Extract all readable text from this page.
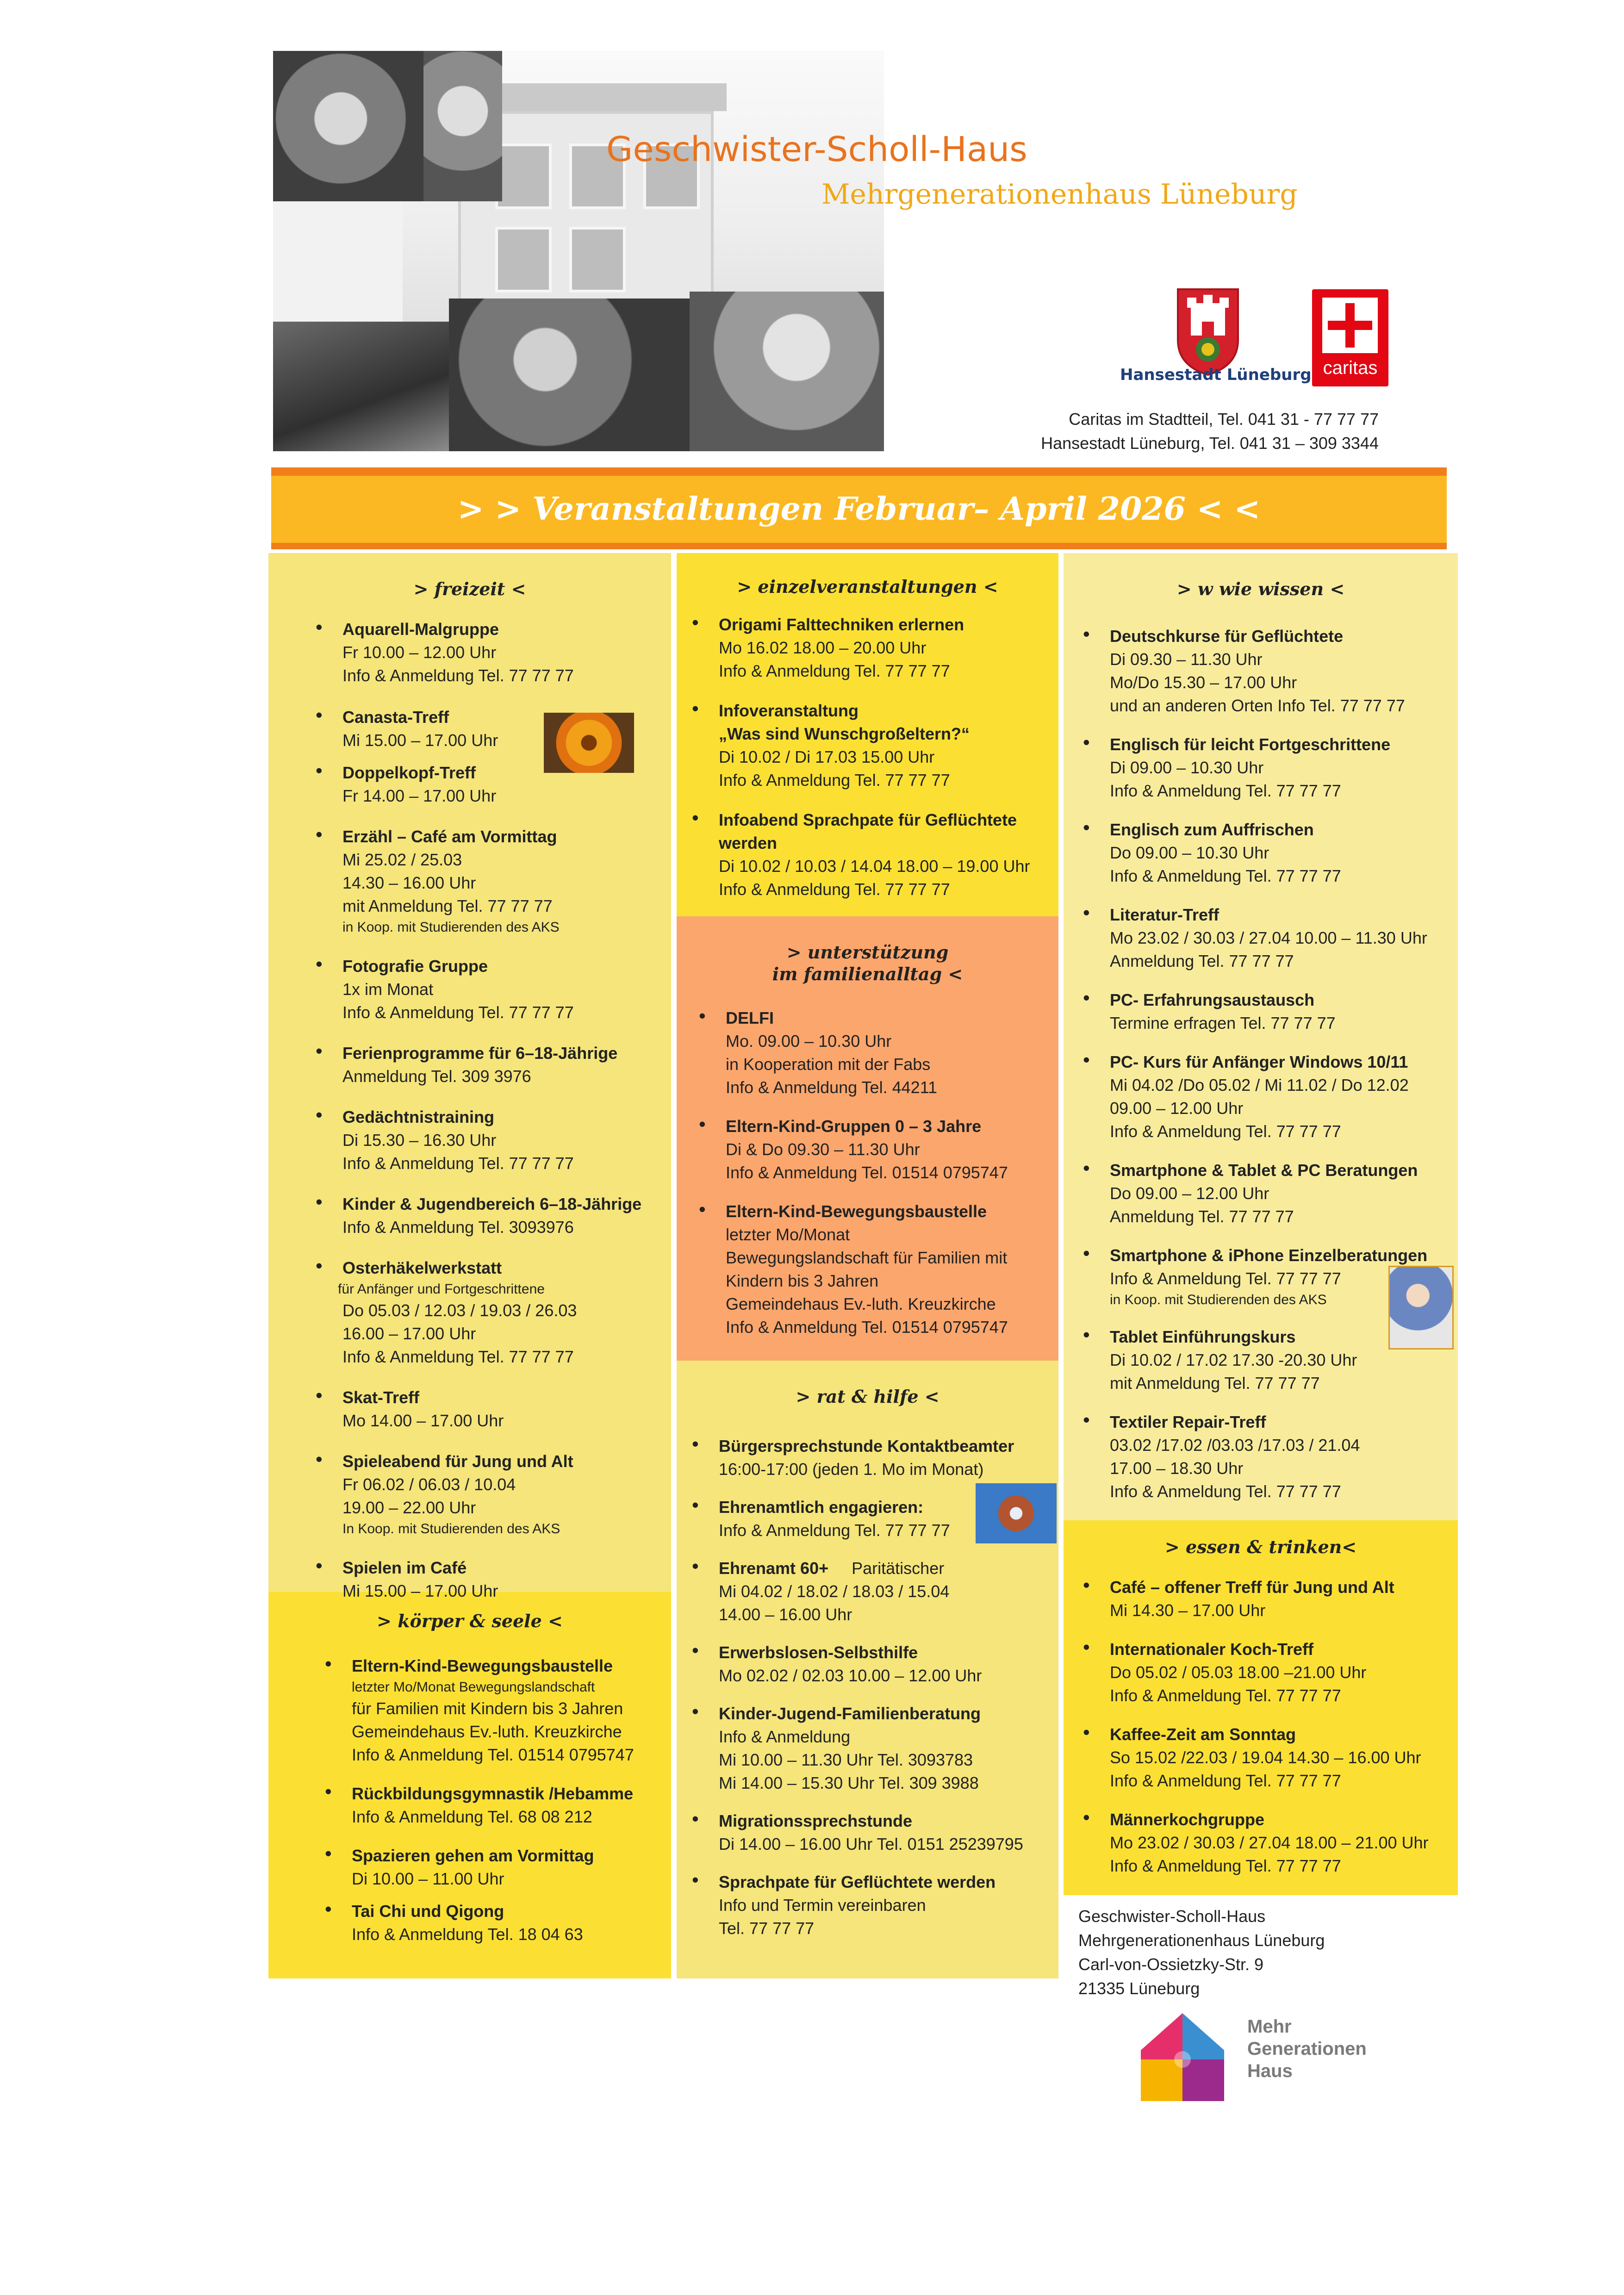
Geschwister-Scholl-Haus
Mehrgenerationenhaus Lüneburg
Hansestadt Lüneburg caritas
Caritas im Stadtteil, Tel. 041 31 - 77 77 77
Hansestadt Lüneburg, Tel. 041 31 – 309 3344
> > Veranstaltungen Februar– April 2026 < <
> freizeit <
• Aquarell-Malgruppe
Fr 10.00 – 12.00 Uhr
Info & Anmeldung Tel. 77 77 77
• Canasta-Treff
Mi 15.00 – 17.00 Uhr
• Doppelkopf-Treff
Fr 14.00 – 17.00 Uhr
• Erzähl – Café am Vormittag
Mi 25.02 / 25.03
14.30 – 16.00 Uhr
mit Anmeldung Tel. 77 77 77
in Koop. mit Studierenden des AKS
• Fotografie Gruppe
1x im Monat
Info & Anmeldung Tel. 77 77 77
• Ferienprogramme für 6–18-Jährige
Anmeldung Tel. 309 3976
• Gedächtnistraining
Di 15.30 – 16.30 Uhr
Info & Anmeldung Tel. 77 77 77
• Kinder & Jugendbereich 6–18-Jährige
Info & Anmeldung Tel. 3093976
• Osterhäkelwerkstatt
für Anfänger und Fortgeschrittene
Do 05.03 / 12.03 / 19.03 / 26.03
16.00 – 17.00 Uhr
Info & Anmeldung Tel. 77 77 77
• Skat-Treff
Mo 14.00 – 17.00 Uhr
• Spieleabend für Jung und Alt
Fr 06.02 / 06.03 / 10.04
19.00 – 22.00 Uhr
In Koop. mit Studierenden des AKS
• Spielen im Café
Mi 15.00 – 17.00 Uhr
> körper & seele <
• Eltern-Kind-Bewegungsbaustelle
letzter Mo/Monat Bewegungslandschaft
für Familien mit Kindern bis 3 Jahren
Gemeindehaus Ev.-luth. Kreuzkirche
Info & Anmeldung Tel. 01514 0795747
• Rückbildungsgymnastik /Hebamme
Info & Anmeldung Tel. 68 08 212
• Spazieren gehen am Vormittag
Di 10.00 – 11.00 Uhr
• Tai Chi und Qigong
Info & Anmeldung Tel. 18 04 63
> einzelveranstaltungen <
• Origami Falttechniken erlernen
Mo 16.02 18.00 – 20.00 Uhr
Info & Anmeldung Tel. 77 77 77
• Infoveranstaltung
„Was sind Wunschgroßeltern?“
Di 10.02 / Di 17.03 15.00 Uhr
Info & Anmeldung Tel. 77 77 77
• Infoabend Sprachpate für Geflüchtete
werden
Di 10.02 / 10.03 / 14.04 18.00 – 19.00 Uhr
Info & Anmeldung Tel. 77 77 77
> unterstützung
im familienalltag <
• DELFI
Mo. 09.00 – 10.30 Uhr
in Kooperation mit der Fabs
Info & Anmeldung Tel. 44211
• Eltern-Kind-Gruppen 0 – 3 Jahre
Di & Do 09.30 – 11.30 Uhr
Info & Anmeldung Tel. 01514 0795747
• Eltern-Kind-Bewegungsbaustelle
letzter Mo/Monat
Bewegungslandschaft für Familien mit
Kindern bis 3 Jahren
Gemeindehaus Ev.-luth. Kreuzkirche
Info & Anmeldung Tel. 01514 0795747
> rat & hilfe <
• Bürgersprechstunde Kontaktbeamter
16:00-17:00 (jeden 1. Mo im Monat)
• Ehrenamtlich engagieren:
Info & Anmeldung Tel. 77 77 77
• Ehrenamt 60+     Paritätischer
Mi 04.02 / 18.02 / 18.03 / 15.04
14.00 – 16.00 Uhr
• Erwerbslosen-Selbsthilfe
Mo 02.02 / 02.03 10.00 – 12.00 Uhr
• Kinder-Jugend-Familienberatung
Info & Anmeldung
Mi 10.00 – 11.30 Uhr Tel. 3093783
Mi 14.00 – 15.30 Uhr Tel. 309 3988
• Migrationssprechstunde
Di 14.00 – 16.00 Uhr Tel. 0151 25239795
• Sprachpate für Geflüchtete werden
Info und Termin vereinbaren
Tel. 77 77 77
> w wie wissen <
• Deutschkurse für Geflüchtete
Di 09.30 – 11.30 Uhr
Mo/Do 15.30 – 17.00 Uhr
und an anderen Orten Info Tel. 77 77 77
• Englisch für leicht Fortgeschrittene
Di 09.00 – 10.30 Uhr
Info & Anmeldung Tel. 77 77 77
• Englisch zum Auffrischen
Do 09.00 – 10.30 Uhr
Info & Anmeldung Tel. 77 77 77
• Literatur-Treff
Mo 23.02 / 30.03 / 27.04 10.00 – 11.30 Uhr
Anmeldung Tel. 77 77 77
• PC- Erfahrungsaustausch
Termine erfragen Tel. 77 77 77
• PC- Kurs für Anfänger Windows 10/11
Mi 04.02 /Do 05.02 / Mi 11.02 / Do 12.02
09.00 – 12.00 Uhr
Info & Anmeldung Tel. 77 77 77
• Smartphone & Tablet & PC Beratungen
Do 09.00 – 12.00 Uhr
Anmeldung Tel. 77 77 77
• Smartphone & iPhone Einzelberatungen
Info & Anmeldung Tel. 77 77 77
in Koop. mit Studierenden des AKS
• Tablet Einführungskurs
Di 10.02 / 17.02 17.30 -20.30 Uhr
mit Anmeldung Tel. 77 77 77
• Textiler Repair-Treff
03.02 /17.02 /03.03 /17.03 / 21.04
17.00 – 18.30 Uhr
Info & Anmeldung Tel. 77 77 77
> essen & trinken<
• Café – offener Treff für Jung und Alt
Mi 14.30 – 17.00 Uhr
• Internationaler Koch-Treff
Do 05.02 / 05.03 18.00 –21.00 Uhr
Info & Anmeldung Tel. 77 77 77
• Kaffee-Zeit am Sonntag
So 15.02 /22.03 / 19.04 14.30 – 16.00 Uhr
Info & Anmeldung Tel. 77 77 77
• Männerkochgruppe
Mo 23.02 / 30.03 / 27.04 18.00 – 21.00 Uhr
Info & Anmeldung Tel. 77 77 77
Geschwister-Scholl-Haus
Mehrgenerationenhaus Lüneburg
Carl-von-Ossietzky-Str. 9
21335 Lüneburg
Mehr
Generationen
Haus
